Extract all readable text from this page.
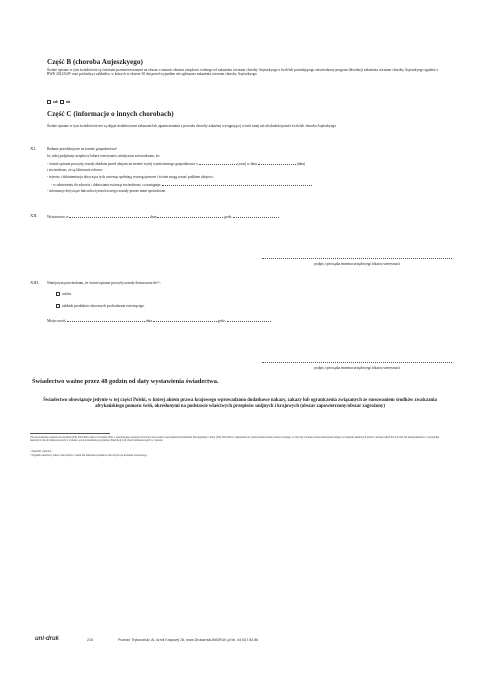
Część B (choroba Aujeszkyego)
Świnie opisane w tym świadectwie są świniami przemieszczanymi na obszar o statusie obszaru urzędowo wolnego od zakażenia wirusem choroby Aujeszkyego a świń lub posiadającego zatwierdzony program likwidacji zakażenia wirusem choroby Aujeszkyego zgodnie z RWK 2021/620⁸ oraz pochodzą z zakładów, w których w okresie 30 dni przed wyjazdem nie zgłoszono zakażenia wirusem choroby Aujeszkyego:
tak nie
Część C (informacje o innych chorobach)
Świnie opisane w tym świadectwie nie są objęte dodatkowymi zakazami lub ograniczeniami z powodu choroby zakaźnej występującej u świń innej niż afrykański pomór świń lub choroba Aujeszkyego
XI.	Badanie przedubojowe na terenie gospodarstwa⁵
Ja, niżej podpisany urzędowy lekarz weterynarii, niniejszym zaświadczam, że:
- świnie opisane powyżej zostały zbadane przed ubojem na terenie wyżej wymienionego gospodarstwa o	(czas) w dniu	(data)
i stwierdzono, że są klinicznie zdrowe;
- rejestry i dokumentacja dotycząca tych zwierząt spełniają wymogi prawne i świnie mogą zostać poddane ubojowi,
- w odniesieniu do zdrowia i dobrostanu zwierząt stwierdzono, co następuje:
- informacje dotyczące łańcucha żywnościowego zostały przeze mnie sprawdzone.
XII.	Wystawiono w	dnia	godz.
podpis i pieczątka imienna urzędowego lekarza weterynarii
XIII. Niniejszym potwierdzam, że świnie opisane powyżej zostały dostarczone do⁵⁶:
rzeźni.
zakładu produktów ubocznych pochodzenia zwierzęcego.
Miejscowość	dnia	godz.
podpis i pieczątka imienna urzędowego lekarza weterynarii
Świadectwo ważne przez 48 godzin od daty wystawienia świadectwa.
Świadectwo obowiązuje jedynie w tej części Polski, w której aktem prawa krajowego wprowadzono dodatkowe nakazy, zakazy lub ograniczenia związanych ze stosowaniem środków zwalczania afrykańskiego pomoru świń, określonymi na podstawie właściwych przepisów unijnych i krajowych (obszar zapowietrzony/obszar zagrożony)
⁴ Rozporządzenie wykonawcze Komisji (UE) 2021/620 z dnia 15 kwietnia 2021 r. ustanawiające przepisy dotyczące stosowania rozporządzenia Parlamentu Europejskiego i Rady (UE) 2016/429 w odniesieniu do zatwierdzania statusu obszaru wolnego od choroby i statusu obszaru niedopuszczalnego szczepienia niektórych państw członkowskich lub ich stref lub kompartmentów w przypadku niektórych chorób umieszczonych w wykazie oraz zatwierdzania programów likwidacji tych chorób umieszczonych w wykazie
⁵ Zakreślić właściwe
⁶ Wypełnia urzędowy lekarz weterynarii w rzeźni lub zakładzie produktów ubocznych pochodzenia zwierzęcego.
uni·druk	215	Poznań Trybunalski, Al. Armii Krajowej 26, www.DrukarniaUNIDRUK.pl tel. 44 647 84 86
